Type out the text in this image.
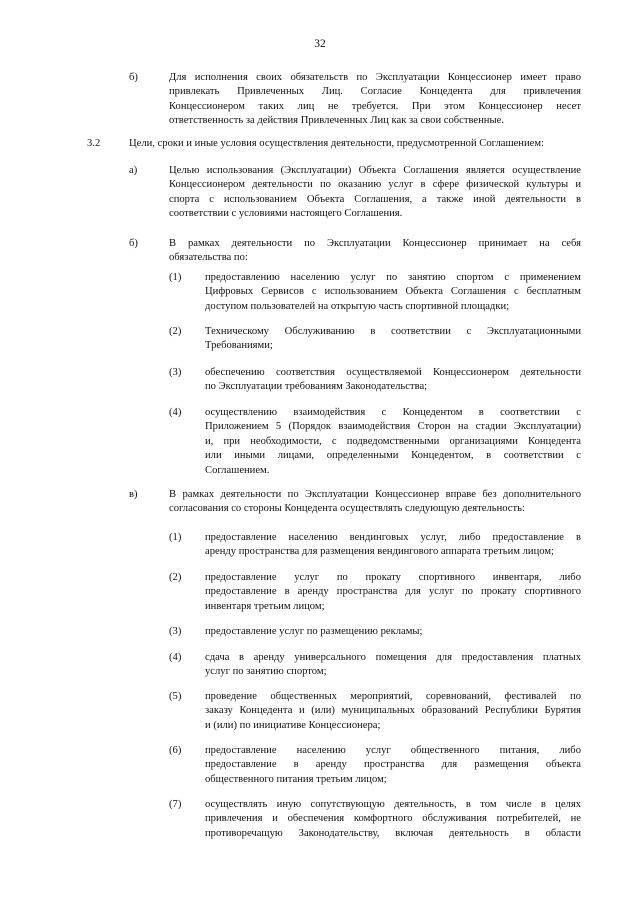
32
б)	Для исполнения своих обязательств по Эксплуатации Концессионер имеет право
привлекать Привлеченных Лиц. Согласие Концедента для привлечения
Концессионером таких лиц не требуется. При этом Концессионер несет
ответственность за действия Привлеченных Лиц как за свои собственные.
3.2	Цели, сроки и иные условия осуществления деятельности, предусмотренной Соглашением:
а)	Целью использования (Эксплуатации) Объекта Соглашения является осуществление
Концессионером деятельности по оказанию услуг в сфере физической культуры и
спорта с использованием Объекта Соглашения, а также иной деятельности в
соответствии с условиями настоящего Соглашения.
б)	В рамках деятельности по Эксплуатации Концессионер принимает на себя
обязательства по:
(1) предоставлению населению услуг по занятию спортом с применением
Цифровых Сервисов с использованием Объекта Соглашения с бесплатным
доступом пользователей на открытую часть спортивной площадки;
(2) Техническому Обслуживанию в соответствии с Эксплуатационными
Требованиями;
(3) обеспечению соответствия осуществляемой Концессионером деятельности
по Эксплуатации требованиям Законодательства;
(4) осуществлению взаимодействия с Концедентом в соответствии с
Приложением 5 (Порядок взаимодействия Сторон на стадии Эксплуатации)
и, при необходимости, с подведомственными организациями Концедента
или иными лицами, определенными Концедентом, в соответствии с
Соглашением.
в)	В рамках деятельности по Эксплуатации Концессионер вправе без дополнительного
согласования со стороны Концедента осуществлять следующую деятельность:
(1) предоставление населению вендинговых услуг, либо предоставление в
аренду пространства для размещения вендингового аппарата третьим лицом;
(2) предоставление услуг по прокату спортивного инвентаря, либо
предоставление в аренду пространства для услуг по прокату спортивного
инвентаря третьим лицом;
(3) предоставление услуг по размещению рекламы;
(4) сдача в аренду универсального помещения для предоставления платных
услуг по занятию спортом;
(5) проведение общественных мероприятий, соревнований, фестивалей по
заказу Концедента и (или) муниципальных образований Республики Бурятия
и (или) по инициативе Концессионера;
(6) предоставление населению услуг общественного питания, либо
предоставление в аренду пространства для размещения объекта
общественного питания третьим лицом;
(7) осуществлять иную сопутствующую деятельность, в том числе в целях
привлечения и обеспечения комфортного обслуживания потребителей, не
противоречащую Законодательству, включая деятельность в области
